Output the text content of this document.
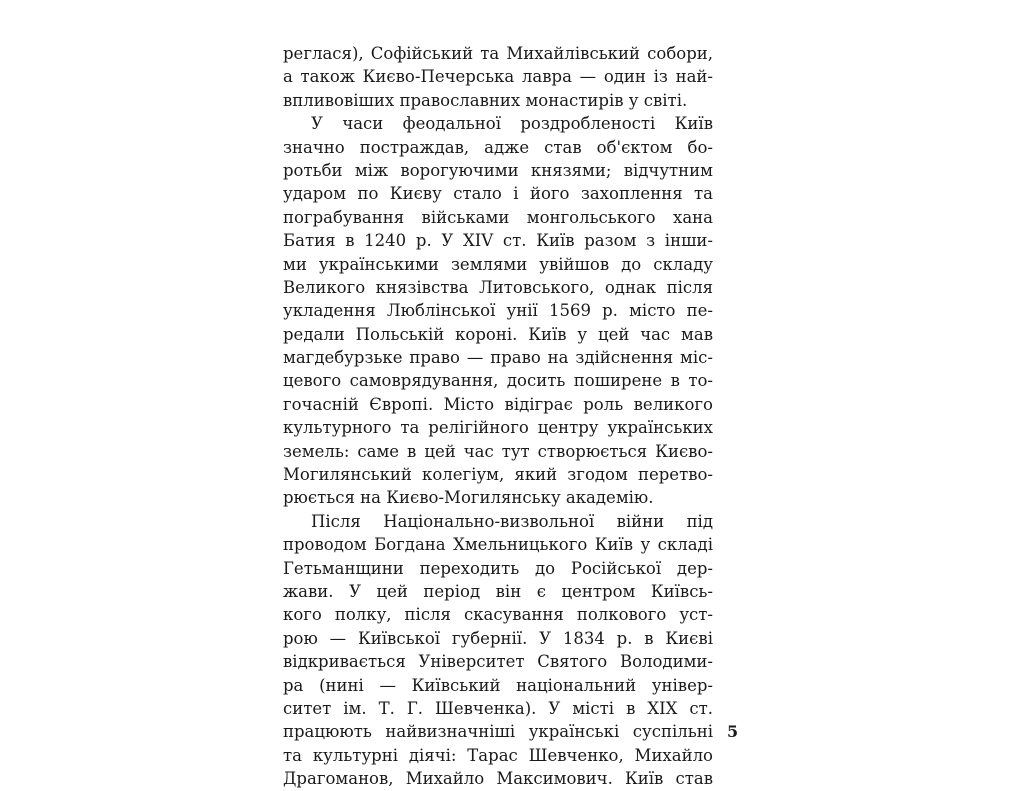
реглася), Софійський та Михайлівський собори,
а також Києво-Печерська лавра — один із най-
впливовіших православних монастирів у світі.
У часи феодальної роздробленості Київ
значно постраждав, адже став об'єктом бо-
ротьби між ворогуючими князями; відчутним
ударом по Києву стало і його захоплення та
пограбування військами монгольського хана
Батия в 1240 р. У XIV ст. Київ разом з інши-
ми українськими землями увійшов до складу
Великого князівства Литовського, однак після
укладення Люблінської унії 1569 р. місто пе-
редали Польській короні. Київ у цей час мав
магдебурзьке право — право на здійснення міс-
цевого самоврядування, досить поширене в то-
гочасній Європі. Місто відіграє роль великого
культурного та релігійного центру українських
земель: саме в цей час тут створюється Києво-
Могилянський колегіум, який згодом перетво-
рюється на Києво-Могилянську академію.
Після Національно-визвольної війни під
проводом Богдана Хмельницького Київ у складі
Гетьманщини переходить до Російської дер-
жави. У цей період він є центром Київсь-
кого полку, після скасування полкового уст-
рою — Київської губернії. У 1834 р. в Києві
відкривається Університет Святого Володими-
ра (нині — Київський національний універ-
ситет ім. Т. Г. Шевченка). У місті в XIX ст.
працюють найвизначніші українські суспільні
та культурні діячі: Тарас Шевченко, Михайло
Драгоманов, Михайло Максимович. Київ став
5
